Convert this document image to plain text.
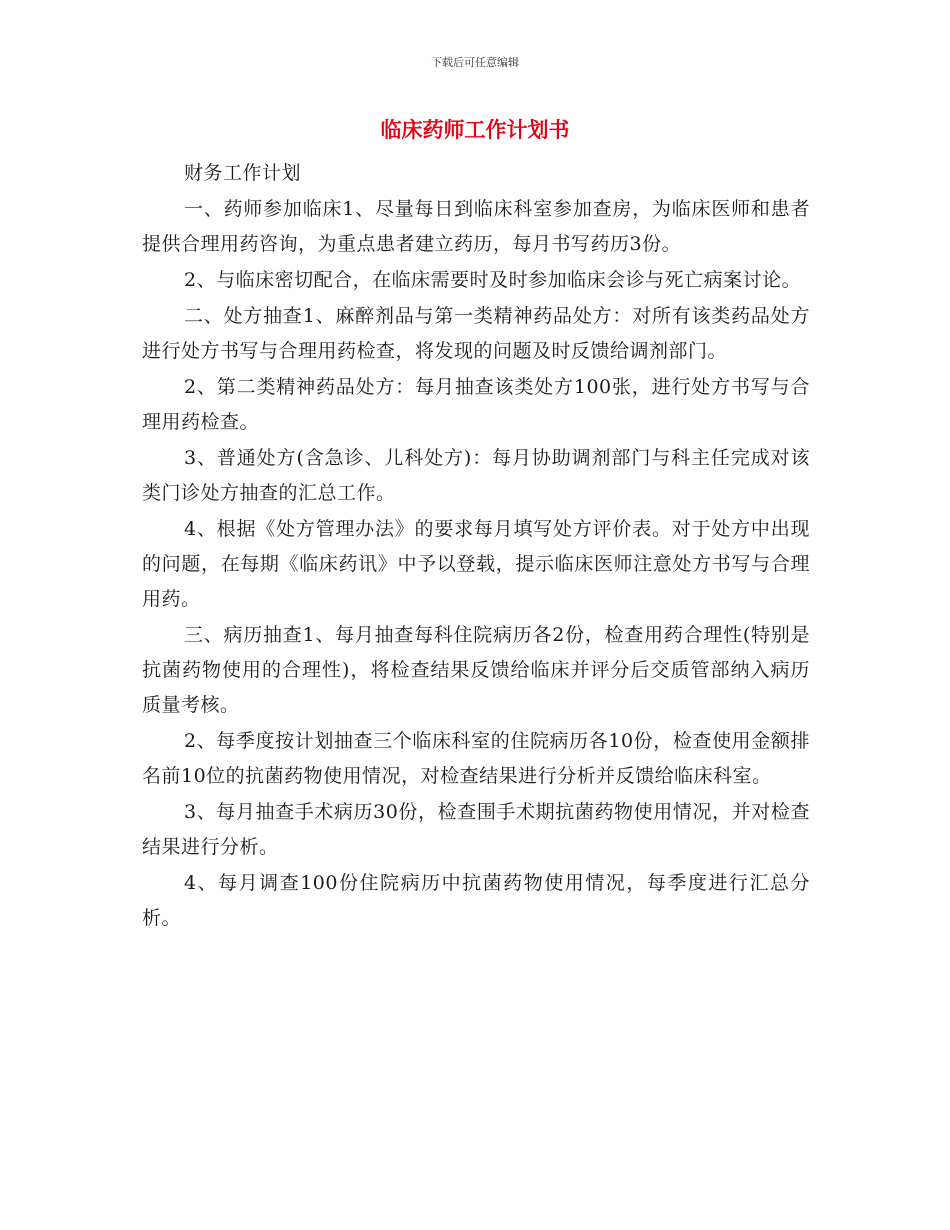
下载后可任意编辑
临床药师工作计划书

财务工作计划

一、药师参加临床1、尽量每日到临床科室参加查房，为临床医师和患者提供合理用药咨询，为重点患者建立药历，每月书写药历3份。

2、与临床密切配合，在临床需要时及时参加临床会诊与死亡病案讨论。

二、处方抽查1、麻醉剂品与第一类精神药品处方：对所有该类药品处方进行处方书写与合理用药检查，将发现的问题及时反馈给调剂部门。

2、第二类精神药品处方：每月抽查该类处方100张，进行处方书写与合理用药检查。

3、普通处方(含急诊、儿科处方)：每月协助调剂部门与科主任完成对该类门诊处方抽查的汇总工作。

4、根据《处方管理办法》的要求每月填写处方评价表。对于处方中出现的问题，在每期《临床药讯》中予以登载，提示临床医师注意处方书写与合理用药。

三、病历抽查1、每月抽查每科住院病历各2份，检查用药合理性(特别是抗菌药物使用的合理性)，将检查结果反馈给临床并评分后交质管部纳入病历质量考核。

2、每季度按计划抽查三个临床科室的住院病历各10份，检查使用金额排名前10位的抗菌药物使用情况，对检查结果进行分析并反馈给临床科室。

3、每月抽查手术病历30份，检查围手术期抗菌药物使用情况，并对检查结果进行分析。

4、每月调查100份住院病历中抗菌药物使用情况，每季度进行汇总分析。
